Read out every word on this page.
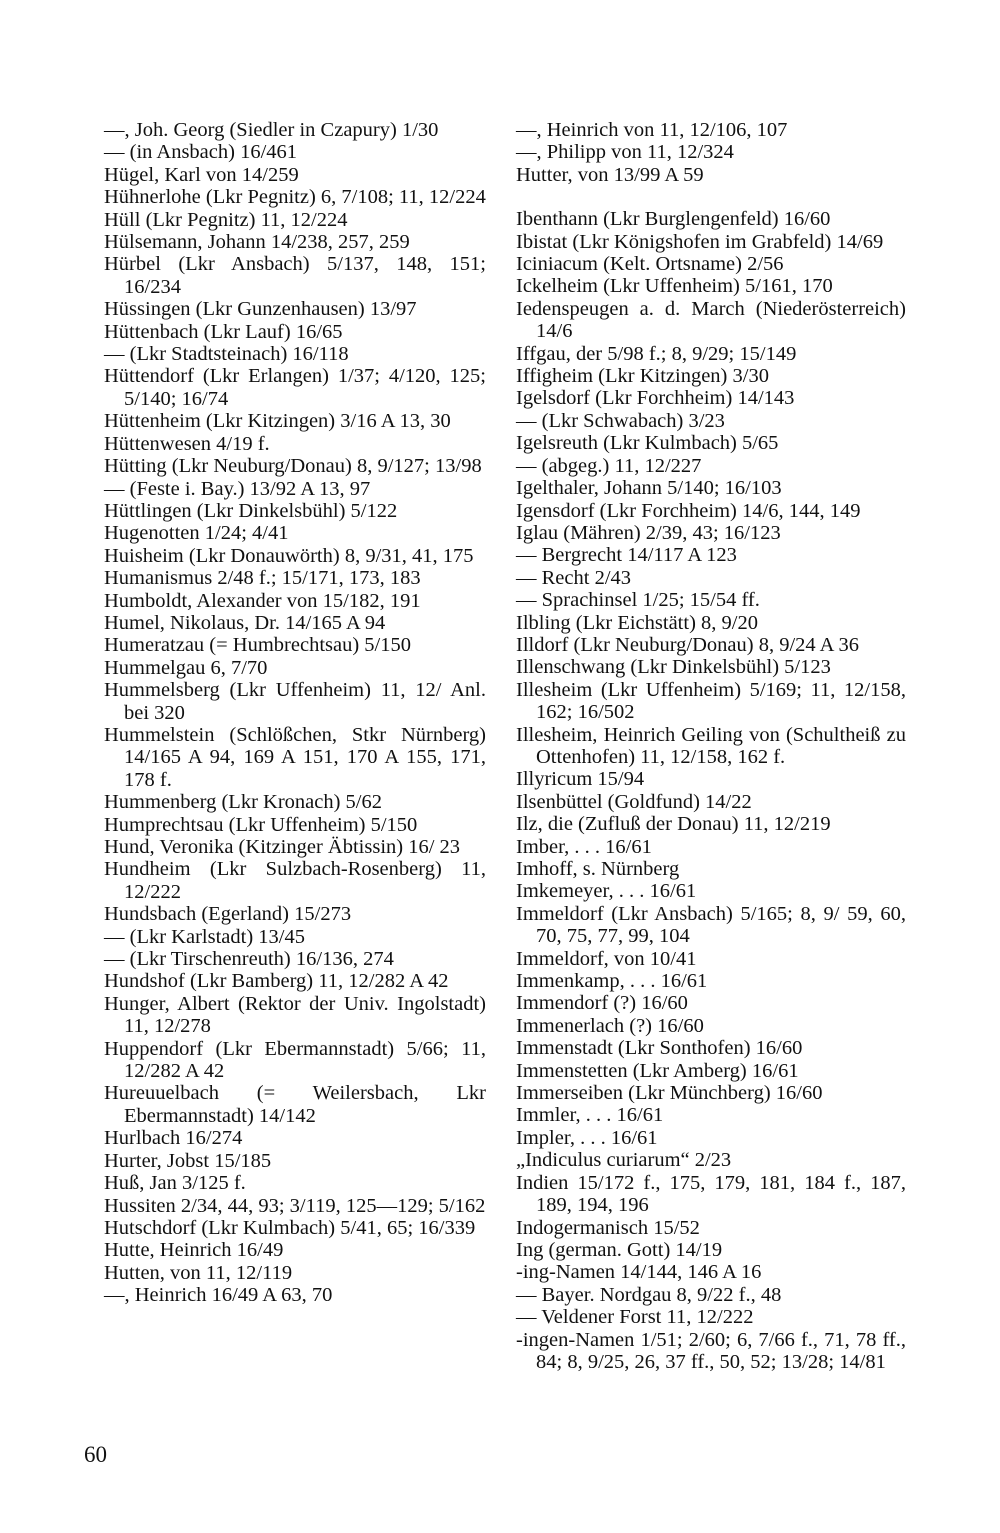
—, Joh. Georg (Siedler in Czapury) 1/30
— (in Ansbach) 16/461
Hügel, Karl von 14/259
Hühnerlohe (Lkr Pegnitz) 6, 7/108; 11, 12/224
Hüll (Lkr Pegnitz) 11, 12/224
Hülsemann, Johann 14/238, 257, 259
Hürbel (Lkr Ansbach) 5/137, 148, 151; 16/234
Hüssingen (Lkr Gunzenhausen) 13/97
Hüttenbach (Lkr Lauf) 16/65
— (Lkr Stadtsteinach) 16/118
Hüttendorf (Lkr Erlangen) 1/37; 4/120, 125; 5/140; 16/74
Hüttenheim (Lkr Kitzingen) 3/16 A 13, 30
Hüttenwesen 4/19 f.
Hütting (Lkr Neuburg/Donau) 8, 9/127; 13/98
— (Feste i. Bay.) 13/92 A 13, 97
Hüttlingen (Lkr Dinkelsbühl) 5/122
Hugenotten 1/24; 4/41
Huisheim (Lkr Donauwörth) 8, 9/31, 41, 175
Humanismus 2/48 f.; 15/171, 173, 183
Humboldt, Alexander von 15/182, 191
Humel, Nikolaus, Dr. 14/165 A 94
Humeratzau (= Humbrechtsau) 5/150
Hummelgau 6, 7/70
Hummelsberg (Lkr Uffenheim) 11, 12/ Anl. bei 320
Hummelstein (Schlößchen, Stkr Nürnberg) 14/165 A 94, 169 A 151, 170 A 155, 171, 178 f.
Hummenberg (Lkr Kronach) 5/62
Humprechtsau (Lkr Uffenheim) 5/150
Hund, Veronika (Kitzinger Äbtissin) 16/ 23
Hundheim (Lkr Sulzbach-Rosenberg) 11, 12/222
Hundsbach (Egerland) 15/273
— (Lkr Karlstadt) 13/45
— (Lkr Tirschenreuth) 16/136, 274
Hundshof (Lkr Bamberg) 11, 12/282 A 42
Hunger, Albert (Rektor der Univ. Ingolstadt) 11, 12/278
Huppendorf (Lkr Ebermannstadt) 5/66; 11, 12/282 A 42
Hureuuelbach (= Weilersbach, Lkr Ebermannstadt) 14/142
Hurlbach 16/274
Hurter, Jobst 15/185
Huß, Jan 3/125 f.
Hussiten 2/34, 44, 93; 3/119, 125—129; 5/162
Hutschdorf (Lkr Kulmbach) 5/41, 65; 16/339
Hutte, Heinrich 16/49
Hutten, von 11, 12/119
—, Heinrich 16/49 A 63, 70
—, Heinrich von 11, 12/106, 107
—, Philipp von 11, 12/324
Hutter, von 13/99 A 59
Ibenthann (Lkr Burglengenfeld) 16/60
Ibistat (Lkr Königshofen im Grabfeld) 14/69
Iciniacum (Kelt. Ortsname) 2/56
Ickelheim (Lkr Uffenheim) 5/161, 170
Iedenspeugen a. d. March (Niederösterreich) 14/6
Iffgau, der 5/98 f.; 8, 9/29; 15/149
Iffigheim (Lkr Kitzingen) 3/30
Igelsdorf (Lkr Forchheim) 14/143
— (Lkr Schwabach) 3/23
Igelsreuth (Lkr Kulmbach) 5/65
— (abgeg.) 11, 12/227
Igelthaler, Johann 5/140; 16/103
Igensdorf (Lkr Forchheim) 14/6, 144, 149
Iglau (Mähren) 2/39, 43; 16/123
— Bergrecht 14/117 A 123
— Recht 2/43
— Sprachinsel 1/25; 15/54 ff.
Ilbling (Lkr Eichstätt) 8, 9/20
Illdorf (Lkr Neuburg/Donau) 8, 9/24 A 36
Illenschwang (Lkr Dinkelsbühl) 5/123
Illesheim (Lkr Uffenheim) 5/169; 11, 12/158, 162; 16/502
Illesheim, Heinrich Geiling von (Schultheiß zu Ottenhofen) 11, 12/158, 162 f.
Illyricum 15/94
Ilsenbüttel (Goldfund) 14/22
Ilz, die (Zufluß der Donau) 11, 12/219
Imber, . . . 16/61
Imhoff, s. Nürnberg
Imkemeyer, . . . 16/61
Immeldorf (Lkr Ansbach) 5/165; 8, 9/ 59, 60, 70, 75, 77, 99, 104
Immeldorf, von 10/41
Immenkamp, . . . 16/61
Immendorf (?) 16/60
Immenerlach (?) 16/60
Immenstadt (Lkr Sonthofen) 16/60
Immenstetten (Lkr Amberg) 16/61
Immerseiben (Lkr Münchberg) 16/60
Immler, . . . 16/61
Impler, . . . 16/61
„Indiculus curiarum“ 2/23
Indien 15/172 f., 175, 179, 181, 184 f., 187, 189, 194, 196
Indogermanisch 15/52
Ing (german. Gott) 14/19
-ing-Namen 14/144, 146 A 16
— Bayer. Nordgau 8, 9/22 f., 48
— Veldener Forst 11, 12/222
-ingen-Namen 1/51; 2/60; 6, 7/66 f., 71, 78 ff., 84; 8, 9/25, 26, 37 ff., 50, 52; 13/28; 14/81
60
